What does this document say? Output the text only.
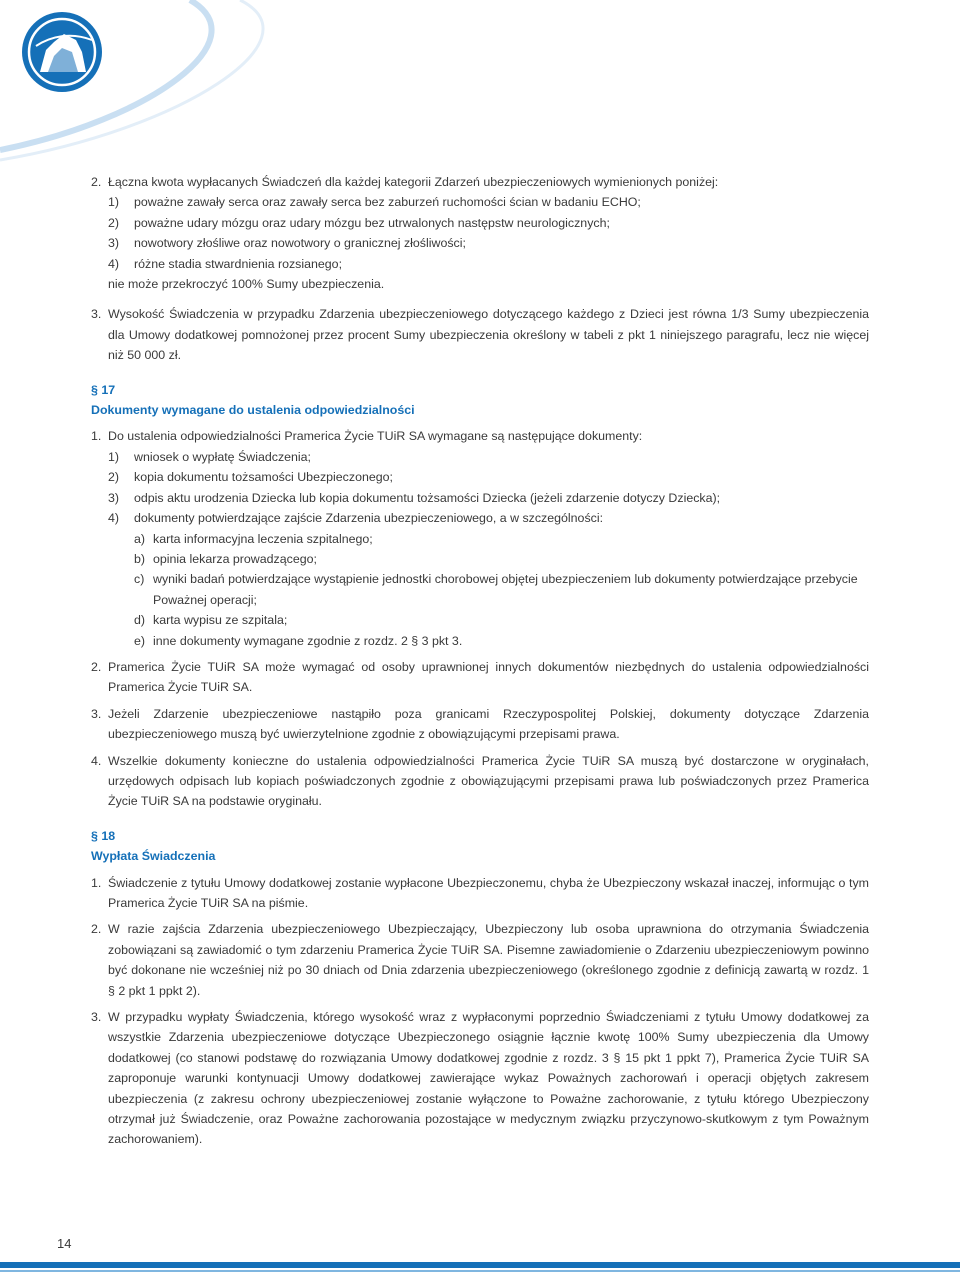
2. Łączna kwota wypłacanych Świadczeń dla każdej kategorii Zdarzeń ubezpieczeniowych wymienionych poniżej:
1)	poważne zawały serca oraz zawały serca bez zaburzeń ruchomości ścian w badaniu ECHO;
2)	poważne udary mózgu oraz udary mózgu bez utrwalonych następstw neurologicznych;
3)	nowotwory złośliwe oraz nowotwory o granicznej złośliwości;
4)	różne stadia stwardnienia rozsianego;
nie może przekroczyć 100% Sumy ubezpieczenia.
3. Wysokość Świadczenia w przypadku Zdarzenia ubezpieczeniowego dotyczącego każdego z Dzieci jest równa 1/3 Sumy ubezpieczenia dla Umowy dodatkowej pomnożonej przez procent Sumy ubezpieczenia określony w tabeli z pkt 1 niniejszego paragrafu, lecz nie więcej niż 50 000 zł.
§ 17
Dokumenty wymagane do ustalenia odpowiedzialności
1. Do ustalenia odpowiedzialności Pramerica Życie TUiR SA wymagane są następujące dokumenty:
1)	wniosek o wypłatę Świadczenia;
2)	kopia dokumentu tożsamości Ubezpieczonego;
3)	odpis aktu urodzenia Dziecka lub kopia dokumentu tożsamości Dziecka (jeżeli zdarzenie dotyczy Dziecka);
4)	dokumenty potwierdzające zajście Zdarzenia ubezpieczeniowego, a w szczególności:
a) karta informacyjna leczenia szpitalnego;
b) opinia lekarza prowadzącego;
c) wyniki badań potwierdzające wystąpienie jednostki chorobowej objętej ubezpieczeniem lub dokumenty potwierdzające przebycie Poważnej operacji;
d) karta wypisu ze szpitala;
e) inne dokumenty wymagane zgodnie z rozdz. 2 § 3 pkt 3.
2. Pramerica Życie TUiR SA może wymagać od osoby uprawnionej innych dokumentów niezbędnych do ustalenia odpowiedzialności Pramerica Życie TUiR SA.
3. Jeżeli Zdarzenie ubezpieczeniowe nastąpiło poza granicami Rzeczypospolitej Polskiej, dokumenty dotyczące Zdarzenia ubezpieczeniowego muszą być uwierzytelnione zgodnie z obowiązującymi przepisami prawa.
4. Wszelkie dokumenty konieczne do ustalenia odpowiedzialności Pramerica Życie TUiR SA muszą być dostarczone w oryginałach, urzędowych odpisach lub kopiach poświadczonych zgodnie z obowiązującymi przepisami prawa lub poświadczonych przez Pramerica Życie TUiR SA na podstawie oryginału.
§ 18
Wypłata Świadczenia
1. Świadczenie z tytułu Umowy dodatkowej zostanie wypłacone Ubezpieczonemu, chyba że Ubezpieczony wskazał inaczej, informując o tym Pramerica Życie TUiR SA na piśmie.
2. W razie zajścia Zdarzenia ubezpieczeniowego Ubezpieczający, Ubezpieczony lub osoba uprawniona do otrzymania Świadczenia zobowiązani są zawiadomić o tym zdarzeniu Pramerica Życie TUiR SA. Pisemne zawiadomienie o Zdarzeniu ubezpieczeniowym powinno być dokonane nie wcześniej niż po 30 dniach od Dnia zdarzenia ubezpieczeniowego (określonego zgodnie z definicją zawartą w rozdz. 1 § 2 pkt 1 ppkt 2).
3. W przypadku wypłaty Świadczenia, którego wysokość wraz z wypłaconymi poprzednio Świadczeniami z tytułu Umowy dodatkowej za wszystkie Zdarzenia ubezpieczeniowe dotyczące Ubezpieczonego osiągnie łącznie kwotę 100% Sumy ubezpieczenia dla Umowy dodatkowej (co stanowi podstawę do rozwiązania Umowy dodatkowej zgodnie z rozdz. 3 § 15 pkt 1 ppkt 7), Pramerica Życie TUiR SA zaproponuje warunki kontynuacji Umowy dodatkowej zawierające wykaz Poważnych zachorowań i operacji objętych zakresem ubezpieczenia (z zakresu ochrony ubezpieczeniowej zostanie wyłączone to Poważne zachorowanie, z tytułu którego Ubezpieczony otrzymał już Świadczenie, oraz Poważne zachorowania pozostające w medycznym związku przyczynowo-skutkowym z tym Poważnym zachorowaniem).
14
